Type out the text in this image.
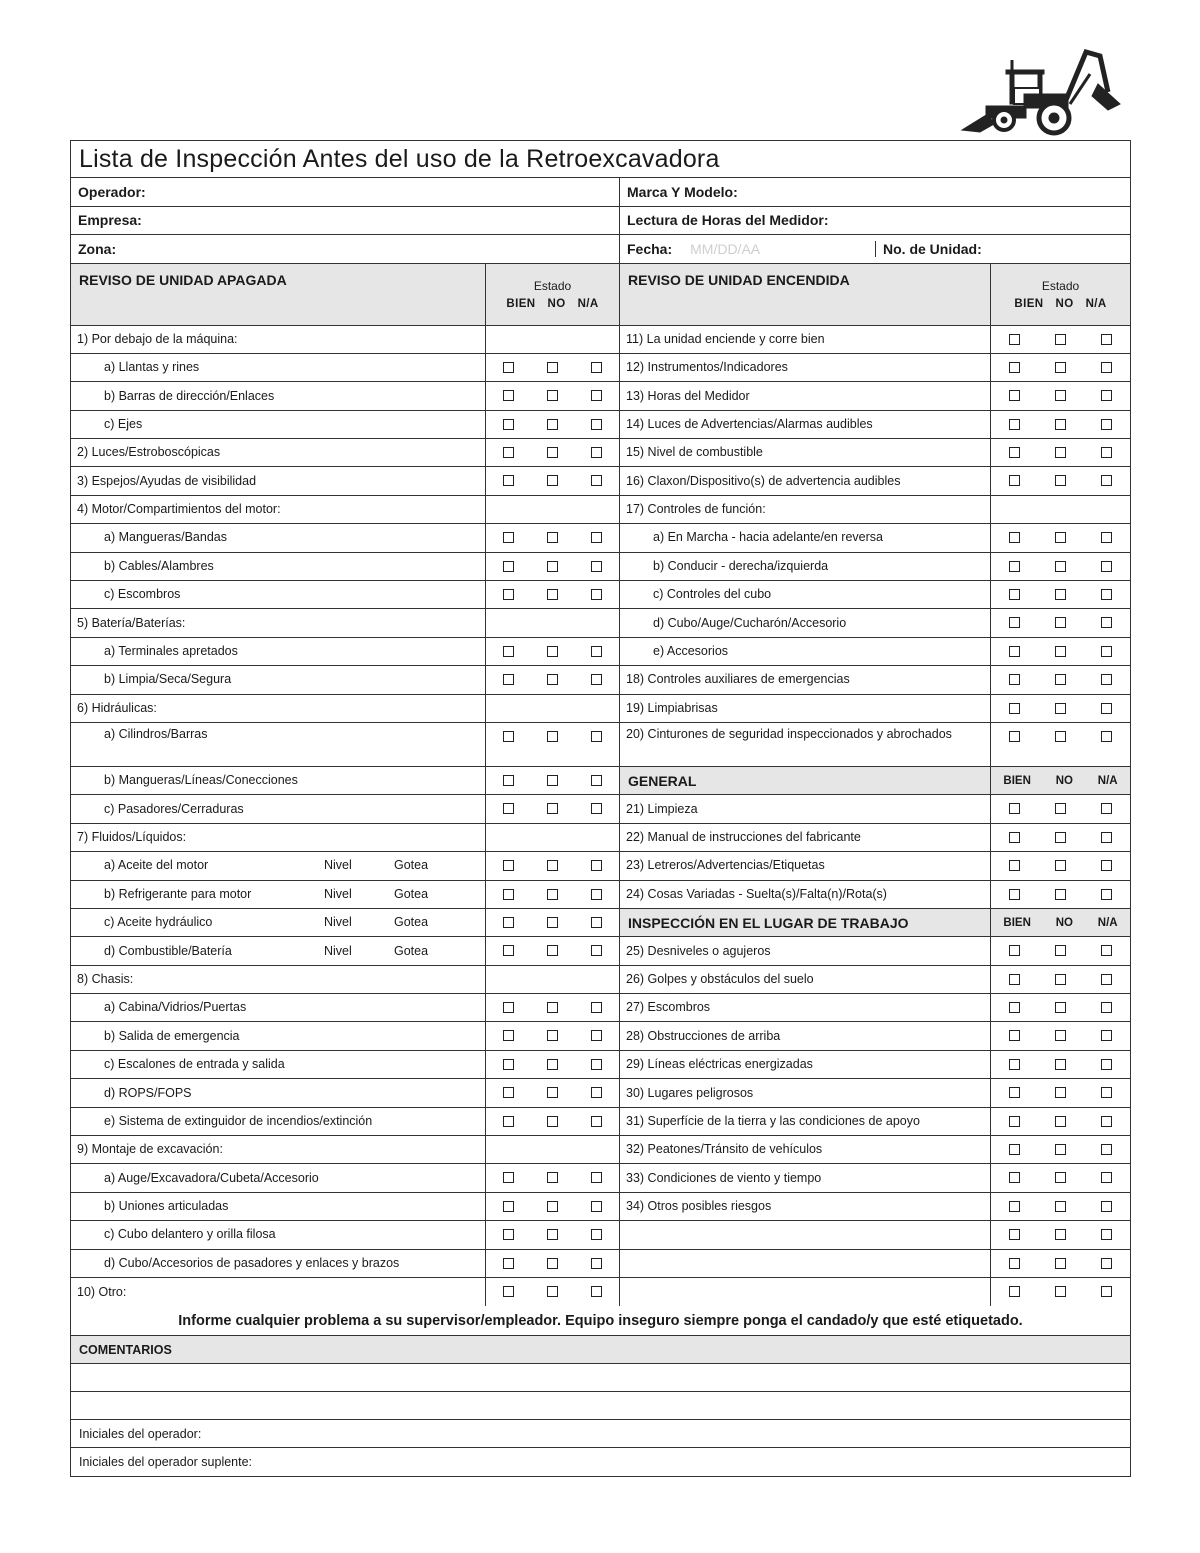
Lista de Inspección Antes del uso de la Retroexcavadora
Operador:	Marca Y Modelo:
Empresa:	Lectura de Horas del Medidor:
Zona:	Fecha: MM/DD/AA	No. de Unidad:
REVISO DE UNIDAD APAGADA	Estado
BIEN NO N/A
REVISO DE UNIDAD ENCENDIDA	Estado
BIEN NO N/A
1) Por debajo de la máquina:	11) La unidad enciende y corre bien
a) Llantas y rines	12) Instrumentos/Indicadores
b) Barras de dirección/Enlaces	13) Horas del Medidor
c) Ejes	14) Luces de Advertencias/Alarmas audibles
2) Luces/Estroboscópicas	15) Nivel de combustible
3) Espejos/Ayudas de visibilidad	16) Claxon/Dispositivo(s) de advertencia audibles
4) Motor/Compartimientos del motor:	17) Controles de función:
a) Mangueras/Bandas	a) En Marcha - hacia adelante/en reversa
b) Cables/Alambres	b) Conducir - derecha/izquierda
c) Escombros	c) Controles del cubo
5) Batería/Baterías:	d) Cubo/Auge/Cucharón/Accesorio
a) Terminales apretados	e) Accesorios
b) Limpia/Seca/Segura	18) Controles auxiliares de emergencias
6) Hidráulicas:	19) Limpiabrisas
a) Cilindros/Barras	20) Cinturones de seguridad inspeccionados y abrochados
b) Mangueras/Líneas/Conecciones	GENERAL	BIEN NO N/A
c) Pasadores/Cerraduras	21) Limpieza
7) Fluidos/Líquidos:	22) Manual de instrucciones del fabricante
a) Aceite del motor	Nivel	Gotea	23) Letreros/Advertencias/Etiquetas
b) Refrigerante para motor	Nivel	Gotea	24) Cosas Variadas - Suelta(s)/Falta(n)/Rota(s)
c) Aceite hydráulico	Nivel	Gotea	INSPECCIÓN EN EL LUGAR DE TRABAJO	BIEN NO N/A
d) Combustible/Batería	Nivel	Gotea	25) Desniveles o agujeros
8) Chasis:	26) Golpes y obstáculos del suelo
a) Cabina/Vidrios/Puertas	27) Escombros
b) Salida de emergencia	28) Obstrucciones de arriba
c) Escalones de entrada y salida	29) Líneas eléctricas energizadas
d) ROPS/FOPS	30) Lugares peligrosos
e) Sistema de extinguidor de incendios/extinción	31) Superfície de la tierra y las condiciones de apoyo
9) Montaje de excavación:	32) Peatones/Tránsito de vehículos
a) Auge/Excavadora/Cubeta/Accesorio	33) Condiciones de viento y tiempo
b) Uniones articuladas	34) Otros posibles riesgos
c) Cubo delantero y orilla filosa
d) Cubo/Accesorios de pasadores y enlaces y brazos
10) Otro:
Informe cualquier problema a su supervisor/empleador. Equipo inseguro siempre ponga el candado/y que esté etiquetado.
COMENTARIOS
Iniciales del operador:
Iniciales del operador suplente:
